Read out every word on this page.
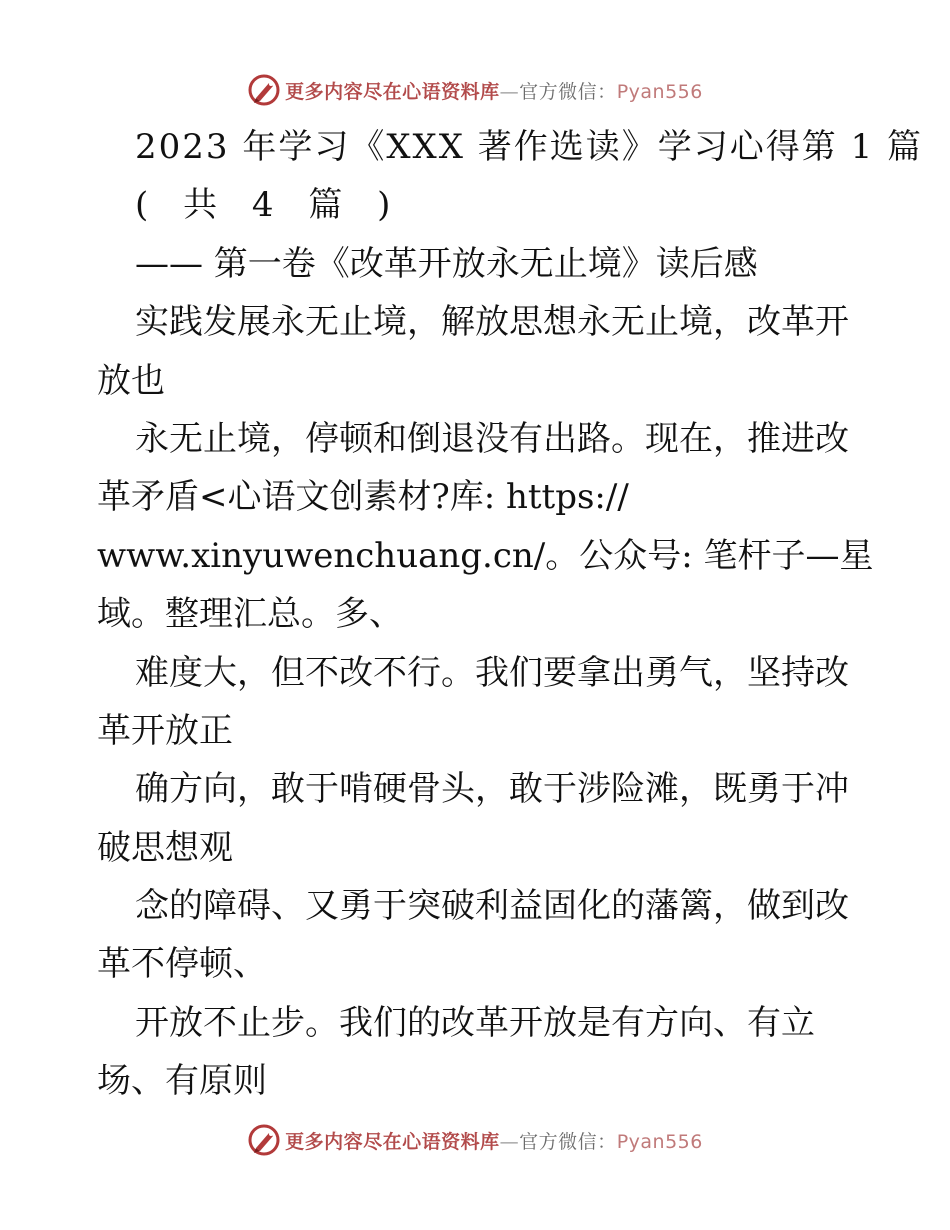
更多内容尽在心语资料库—官方微信：Pyan556
2023 年学习《XXX 著作选读》学习心得第 1 篇
( 共 4 篇 )
—— 第一卷《改革开放永无止境》读后感
实践发展永无止境，解放思想永无止境，改革开
放也
永无止境，停顿和倒退没有出路。现在，推进改
革矛盾<心语文创素材?库: https://
www.xinyuwenchuang.cn/。公众号: 笔杆子—星
域。整理汇总。多、
难度大，但不改不行。我们要拿出勇气，坚持改
革开放正
确方向，敢于啃硬骨头，敢于涉险滩，既勇于冲
破思想观
念的障碍、又勇于突破利益固化的藩篱，做到改
革不停顿、
开放不止步。我们的改革开放是有方向、有立
场、有原则
更多内容尽在心语资料库—官方微信：Pyan556
